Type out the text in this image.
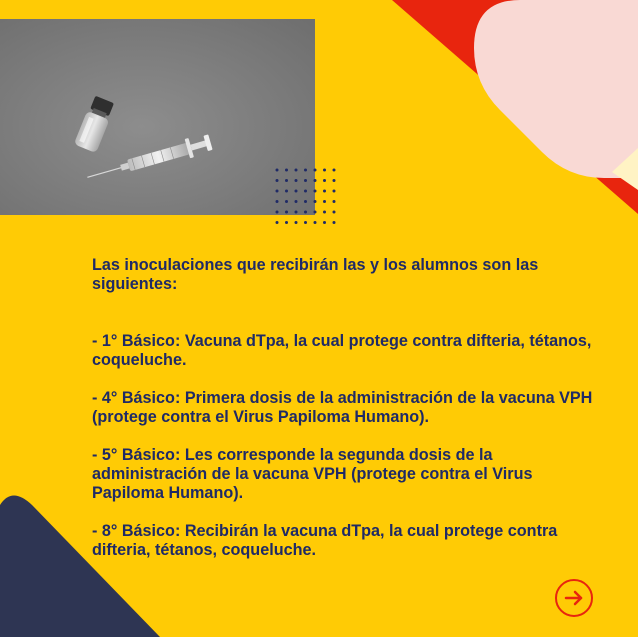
Las inoculaciones que recibirán las y los alumnos son las siguientes:

- 1° Básico: Vacuna dTpa, la cual protege contra difteria, tétanos, coqueluche.

- 4° Básico: Primera dosis de la administración de la vacuna VPH (protege contra el Virus Papiloma Humano).

- 5° Básico: Les corresponde la segunda dosis de la administración de la vacuna VPH (protege contra el Virus Papiloma Humano).

- 8° Básico: Recibirán la vacuna dTpa, la cual protege contra difteria, tétanos, coqueluche.
